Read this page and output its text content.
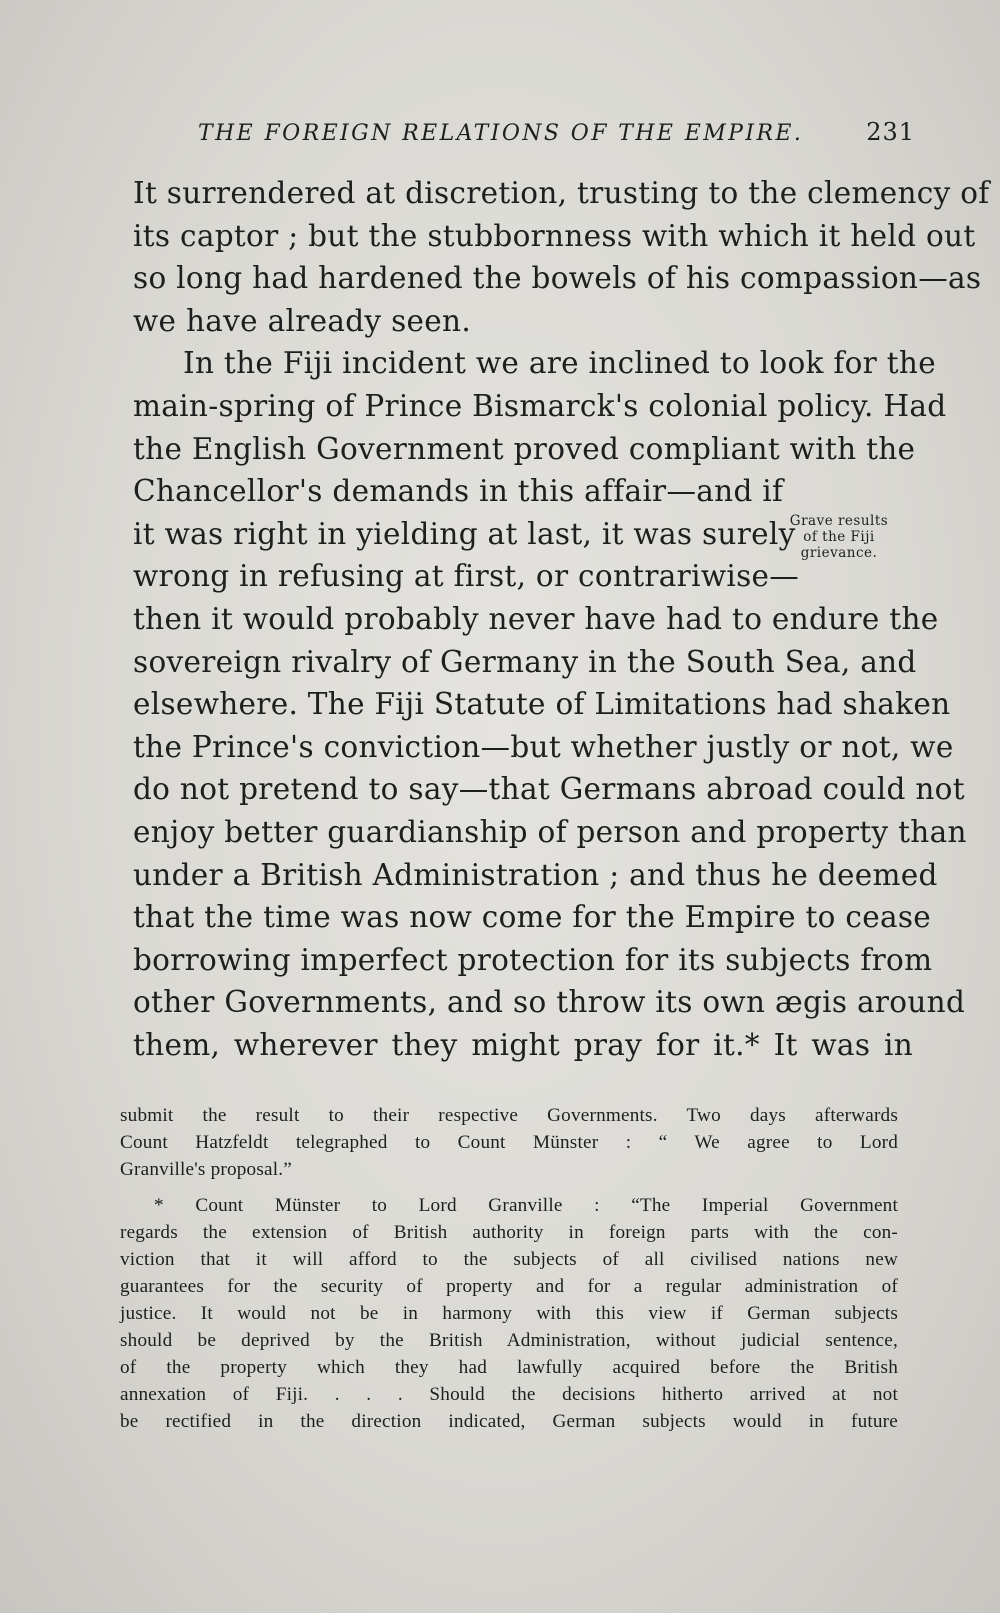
THE FOREIGN RELATIONS OF THE EMPIRE.	231
It surrendered at discretion, trusting to the clemency of
its captor ; but the stubbornness with which it held out
so long had hardened the bowels of his compassion—as
we have already seen.
In the Fiji incident we are inclined to look for the
main-spring of Prince Bismarck's colonial policy. Had
the English Government proved compliant with the
Chancellor's demands in this affair—and if
it was right in yielding at last, it was surely
wrong in refusing at first, or contrariwise—
then it would probably never have had to endure the
sovereign rivalry of Germany in the South Sea, and
elsewhere. The Fiji Statute of Limitations had shaken
the Prince's conviction—but whether justly or not, we
do not pretend to say—that Germans abroad could not
enjoy better guardianship of person and property than
under a British Administration ; and thus he deemed
that the time was now come for the Empire to cease
borrowing imperfect protection for its subjects from
other Governments, and so throw its own ægis around
them, wherever they might pray for it.* It was in
Grave results
of the Fiji
grievance.
submit the result to their respective Governments. Two days afterwards
Count Hatzfeldt telegraphed to Count Münster : “ We agree to Lord
Granville's proposal.”
* Count Münster to Lord Granville : “The Imperial Government
regards the extension of British authority in foreign parts with the con-
viction that it will afford to the subjects of all civilised nations new
guarantees for the security of property and for a regular administration of
justice. It would not be in harmony with this view if German subjects
should be deprived by the British Administration, without judicial sentence,
of the property which they had lawfully acquired before the British
annexation of Fiji. . . . Should the decisions hitherto arrived at not
be rectified in the direction indicated, German subjects would in future
